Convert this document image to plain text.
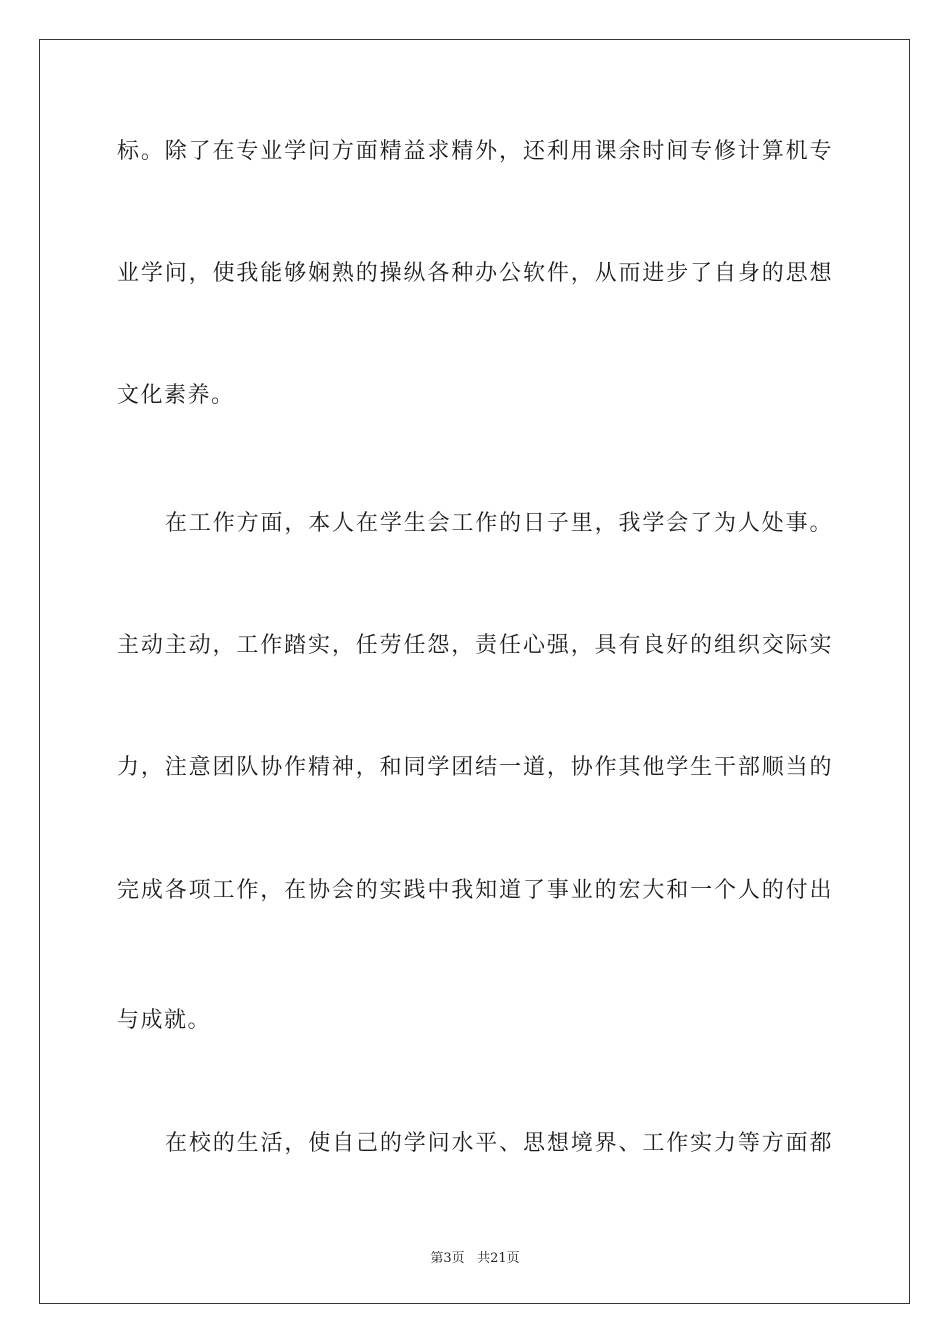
标。除了在专业学问方面精益求精外，还利用课余时间专修计算机专
业学问，使我能够娴熟的操纵各种办公软件，从而进步了自身的思想
文化素养。
在工作方面，本人在学生会工作的日子里，我学会了为人处事。
主动主动，工作踏实，任劳任怨，责任心强，具有良好的组织交际实
力，注意团队协作精神，和同学团结一道，协作其他学生干部顺当的
完成各项工作，在协会的实践中我知道了事业的宏大和一个人的付出
与成就。
在校的生活，使自己的学问水平、思想境界、工作实力等方面都
第3页 共21页
